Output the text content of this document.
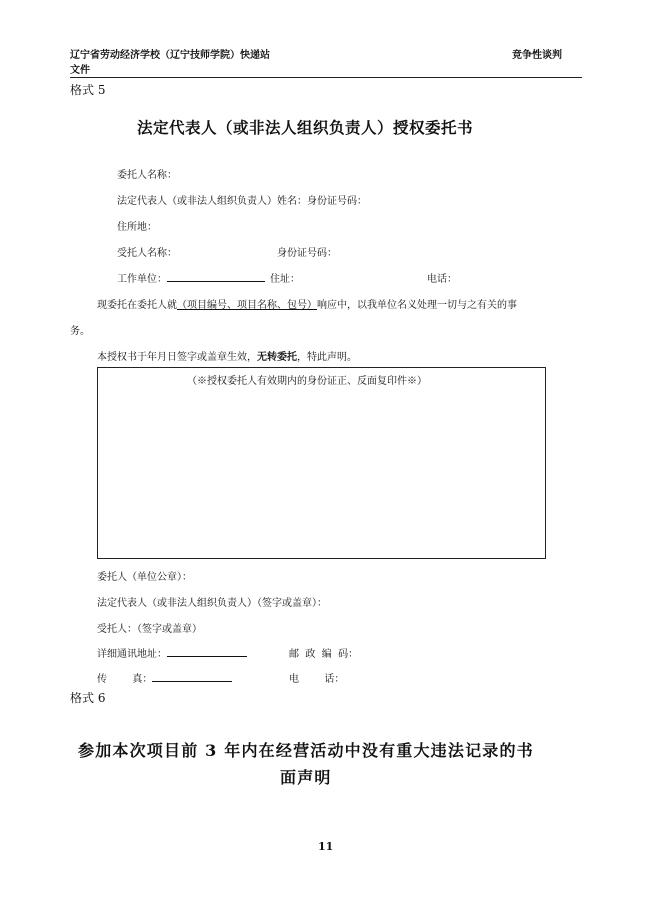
辽宁省劳动经济学校（辽宁技师学院）快递站
文件
竞争性谈判
格式 5
法定代表人（或非法人组织负责人）授权委托书
委托人名称：
法定代表人（或非法人组织负责人）姓名：身份证号码：
住所地：
受托人名称：	身份证号码：
工作单位：	住址：	电话：
现委托在委托人就（项目编号、项目名称、包号）响应中，以我单位名义处理一切与之有关的事
务。
本授权书于年月日签字或盖章生效，无转委托，特此声明。
（※授权委托人有效期内的身份证正、反面复印件※）
委托人（单位公章）：
法定代表人（或非法人组织负责人）（签字或盖章）：
受托人：（签字或盖章）
详细通讯地址：	邮  政  编  码：
传        真：	电        话：
格式 6
参加本次项目前 3 年内在经营活动中没有重大违法记录的书
面声明
11
